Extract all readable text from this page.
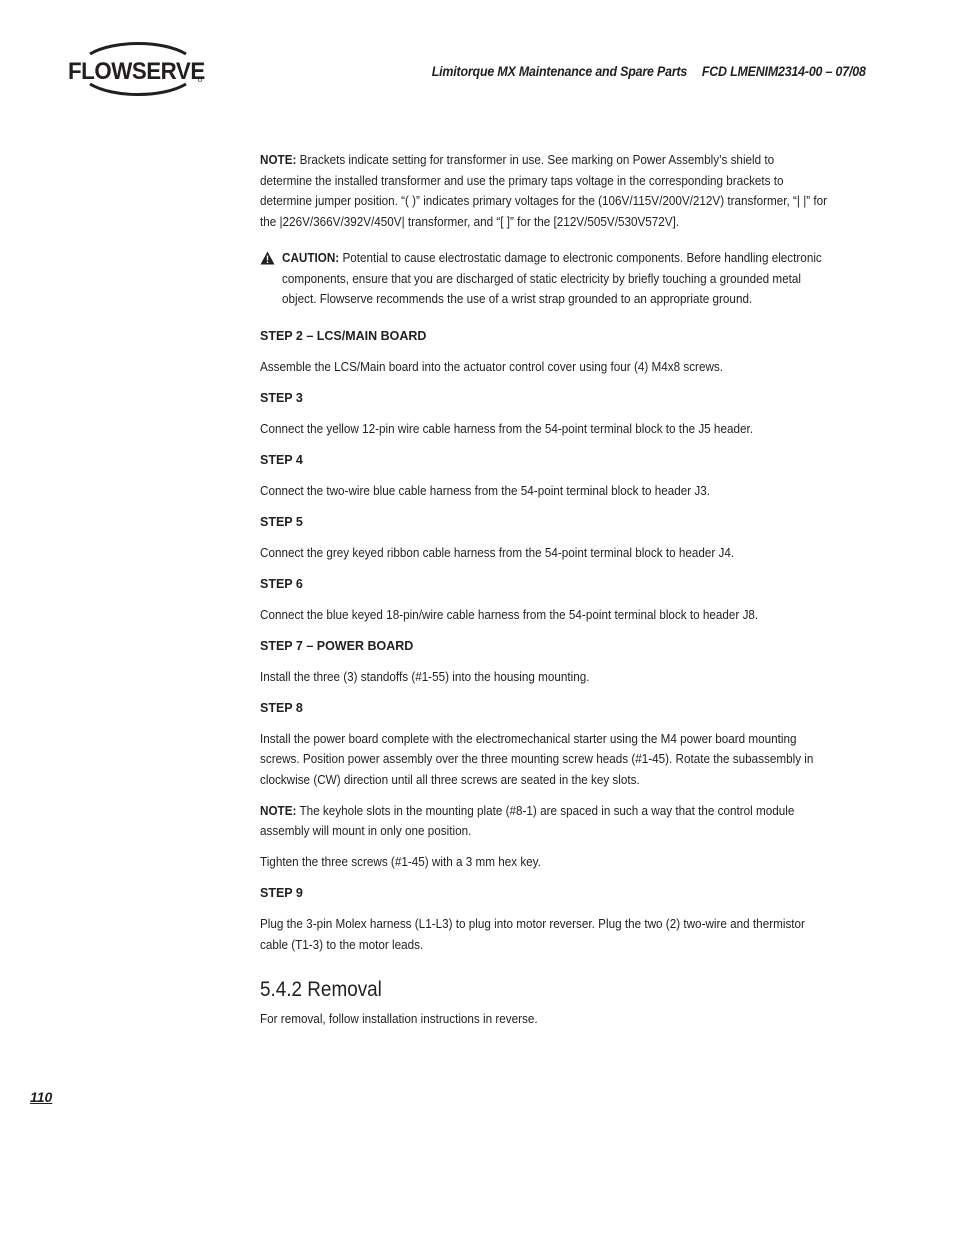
FLOWSERVE	Limitorque MX Maintenance and Spare Parts FCD LMENIM2314-00 – 07/08

NOTE: Brackets indicate setting for transformer in use. See marking on Power Assembly’s shield to determine the installed transformer and use the primary taps voltage in the corresponding brackets to determine jumper position. “( )” indicates primary voltages for the (106V/115V/200V/212V) transformer, “| |” for the |226V/366V/392V/450V| transformer, and “[ ]” for the [212V/505V/530V572V].

CAUTION: Potential to cause electrostatic damage to electronic components. Before handling electronic components, ensure that you are discharged of static electricity by briefly touching a grounded metal object. Flowserve recommends the use of a wrist strap grounded to an appropriate ground.

STEP 2 – LCS/MAIN BOARD

Assemble the LCS/Main board into the actuator control cover using four (4) M4x8 screws.

STEP 3

Connect the yellow 12-pin wire cable harness from the 54-point terminal block to the J5 header.

STEP 4

Connect the two-wire blue cable harness from the 54-point terminal block to header J3.

STEP 5

Connect the grey keyed ribbon cable harness from the 54-point terminal block to header J4.

STEP 6

Connect the blue keyed 18-pin/wire cable harness from the 54-point terminal block to header J8.

STEP 7 – POWER BOARD

Install the three (3) standoffs (#1-55) into the housing mounting.

STEP 8

Install the power board complete with the electromechanical starter using the M4 power board mounting screws. Position power assembly over the three mounting screw heads (#1-45). Rotate the subassembly in clockwise (CW) direction until all three screws are seated in the key slots.

NOTE: The keyhole slots in the mounting plate (#8-1) are spaced in such a way that the control module assembly will mount in only one position.

Tighten the three screws (#1-45) with a 3 mm hex key.

STEP 9

Plug the 3-pin Molex harness (L1-L3) to plug into motor reverser. Plug the two (2) two-wire and thermistor cable (T1-3) to the motor leads.

5.4.2 Removal

For removal, follow installation instructions in reverse.

110
